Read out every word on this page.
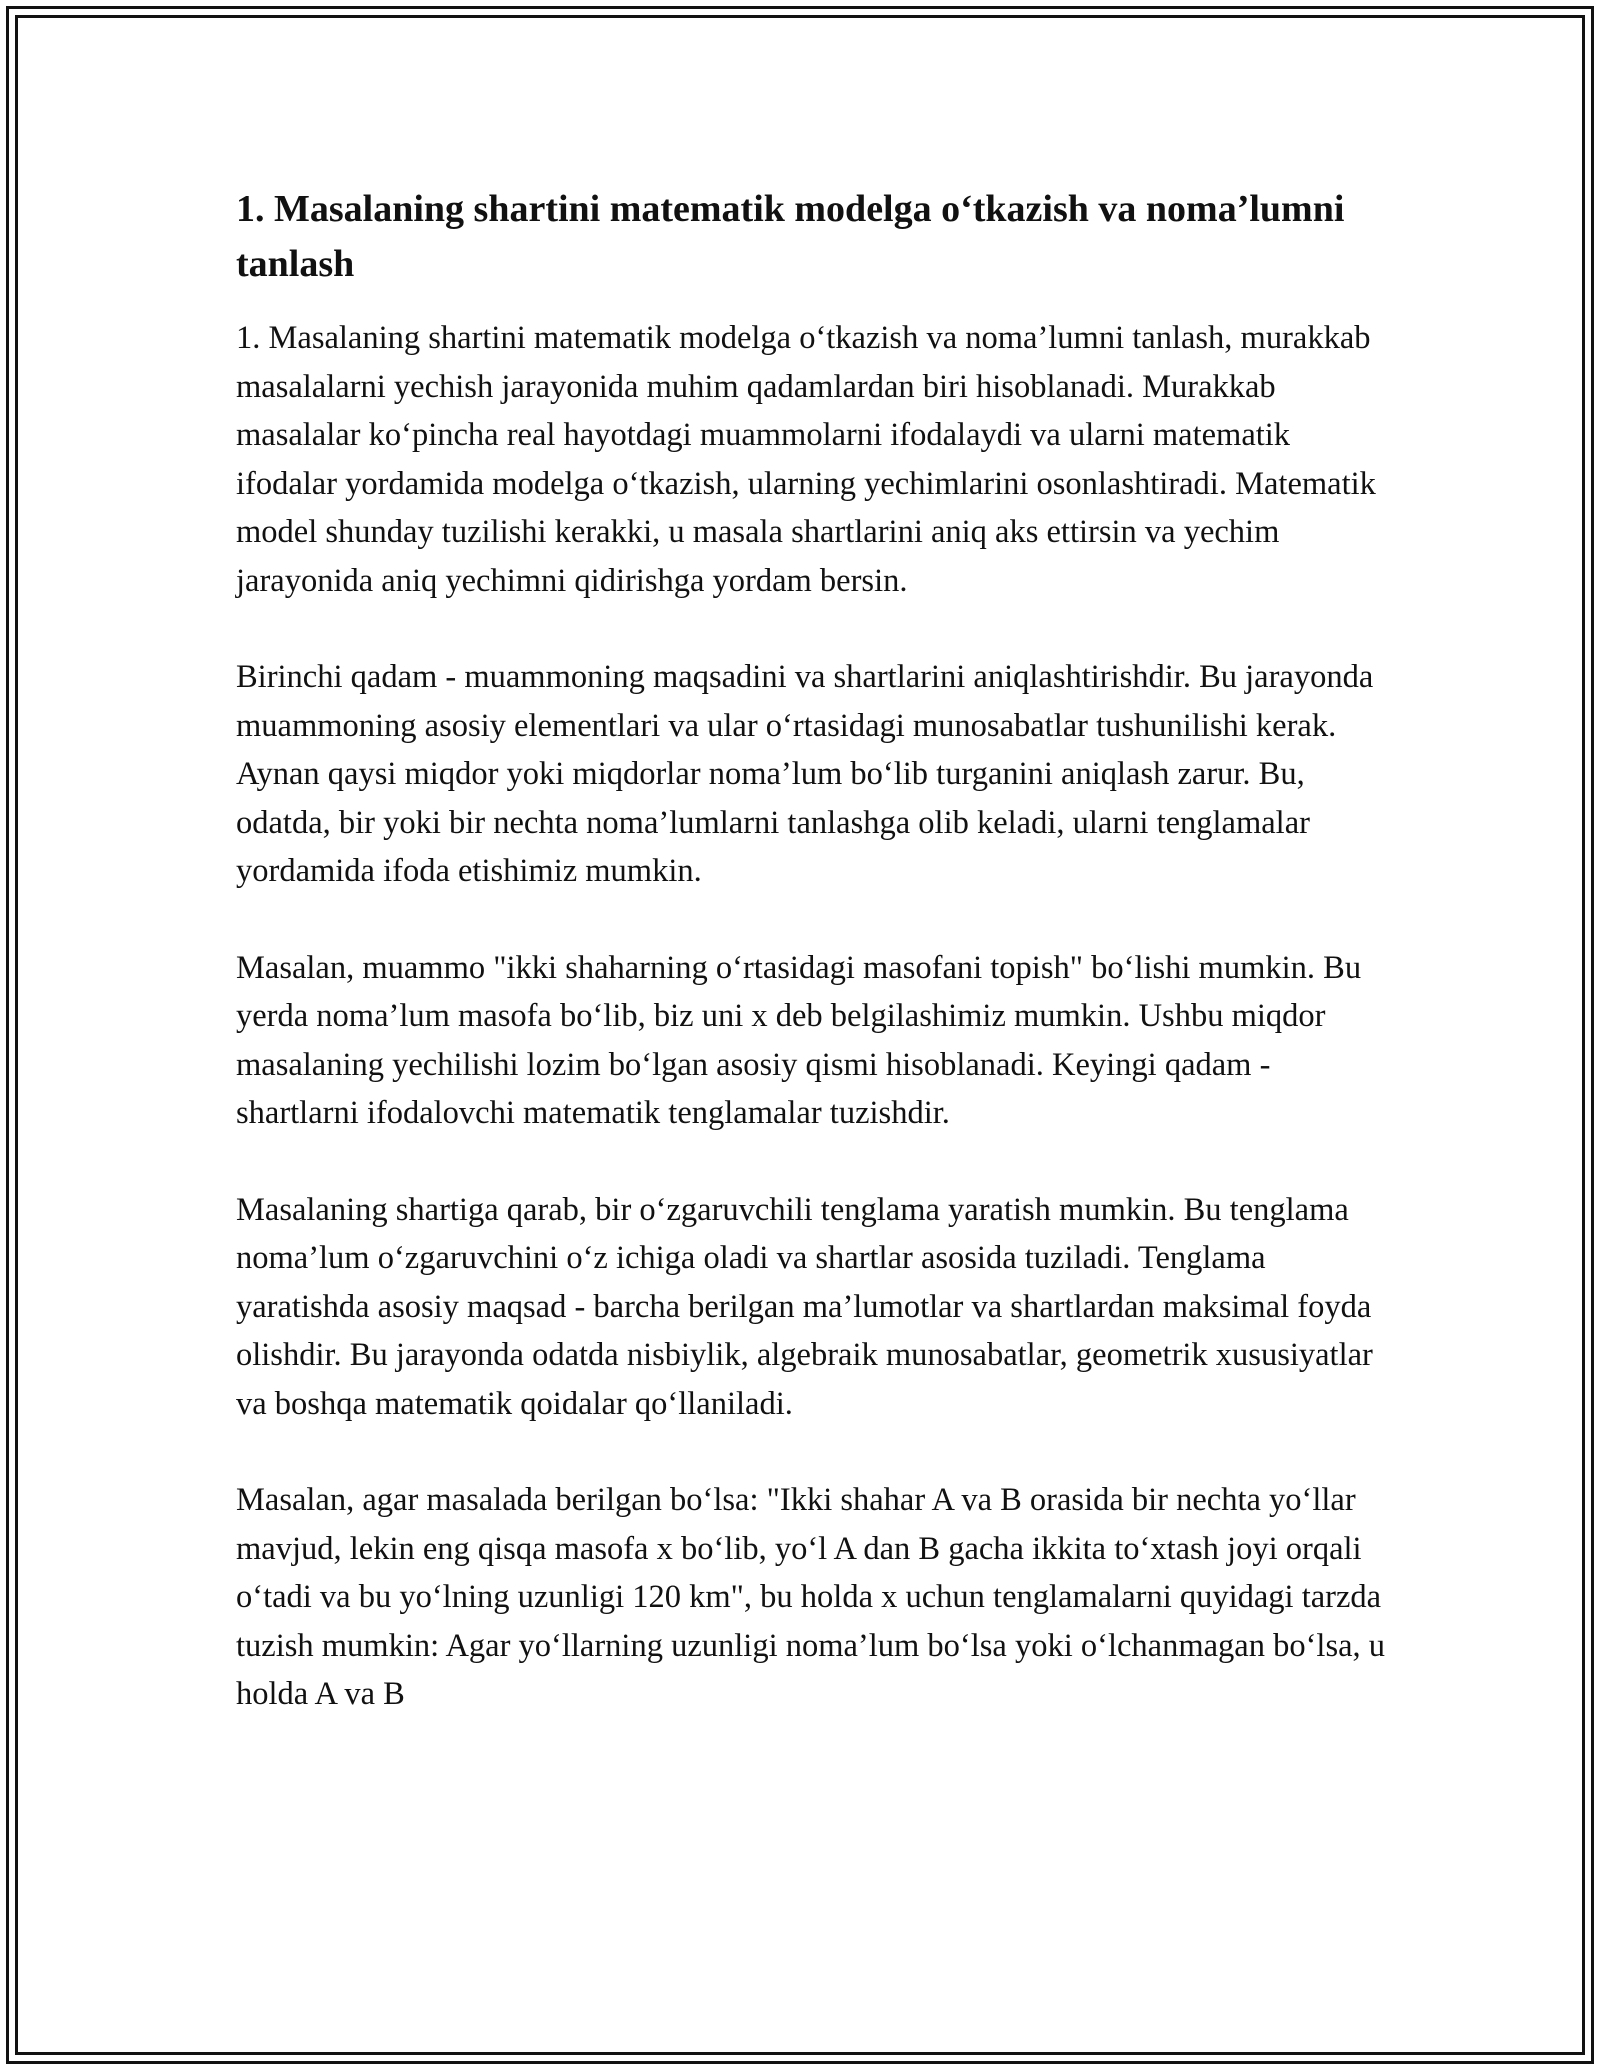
1. Masalaning shartini matematik modelga o‘tkazish va noma’lumni tanlash

1. Masalaning shartini matematik modelga o‘tkazish va noma’lumni tanlash, murakkab masalalarni yechish jarayonida muhim qadamlardan biri hisoblanadi. Murakkab masalalar ko‘pincha real hayotdagi muammolarni ifodalaydi va ularni matematik ifodalar yordamida modelga o‘tkazish, ularning yechimlarini osonlashtiradi. Matematik model shunday tuzilishi kerakki, u masala shartlarini aniq aks ettirsin va yechim jarayonida aniq yechimni qidirishga yordam bersin.

Birinchi qadam - muammoning maqsadini va shartlarini aniqlashtirishdir. Bu jarayonda muammoning asosiy elementlari va ular o‘rtasidagi munosabatlar tushunilishi kerak. Aynan qaysi miqdor yoki miqdorlar noma’lum bo‘lib turganini aniqlash zarur. Bu, odatda, bir yoki bir nechta noma’lumlarni tanlashga olib keladi, ularni tenglamalar yordamida ifoda etishimiz mumkin.

Masalan, muammo "ikki shaharning o‘rtasidagi masofani topish" bo‘lishi mumkin. Bu yerda noma’lum masofa bo‘lib, biz uni x deb belgilashimiz mumkin. Ushbu miqdor masalaning yechilishi lozim bo‘lgan asosiy qismi hisoblanadi. Keyingi qadam - shartlarni ifodalovchi matematik tenglamalar tuzishdir.

Masalaning shartiga qarab, bir o‘zgaruvchili tenglama yaratish mumkin. Bu tenglama noma’lum o‘zgaruvchini o‘z ichiga oladi va shartlar asosida tuziladi. Tenglama yaratishda asosiy maqsad - barcha berilgan ma’lumotlar va shartlardan maksimal foyda olishdir. Bu jarayonda odatda nisbiylik, algebraik munosabatlar, geometrik xususiyatlar va boshqa matematik qoidalar qo‘llaniladi.

Masalan, agar masalada berilgan bo‘lsa: "Ikki shahar A va B orasida bir nechta yo‘llar mavjud, lekin eng qisqa masofa x bo‘lib, yo‘l A dan B gacha ikkita to‘xtash joyi orqali o‘tadi va bu yo‘lning uzunligi 120 km", bu holda x uchun tenglamalarni quyidagi tarzda tuzish mumkin: Agar yo‘llarning uzunligi noma’lum bo‘lsa yoki o‘lchanmagan bo‘lsa, u holda A va B
